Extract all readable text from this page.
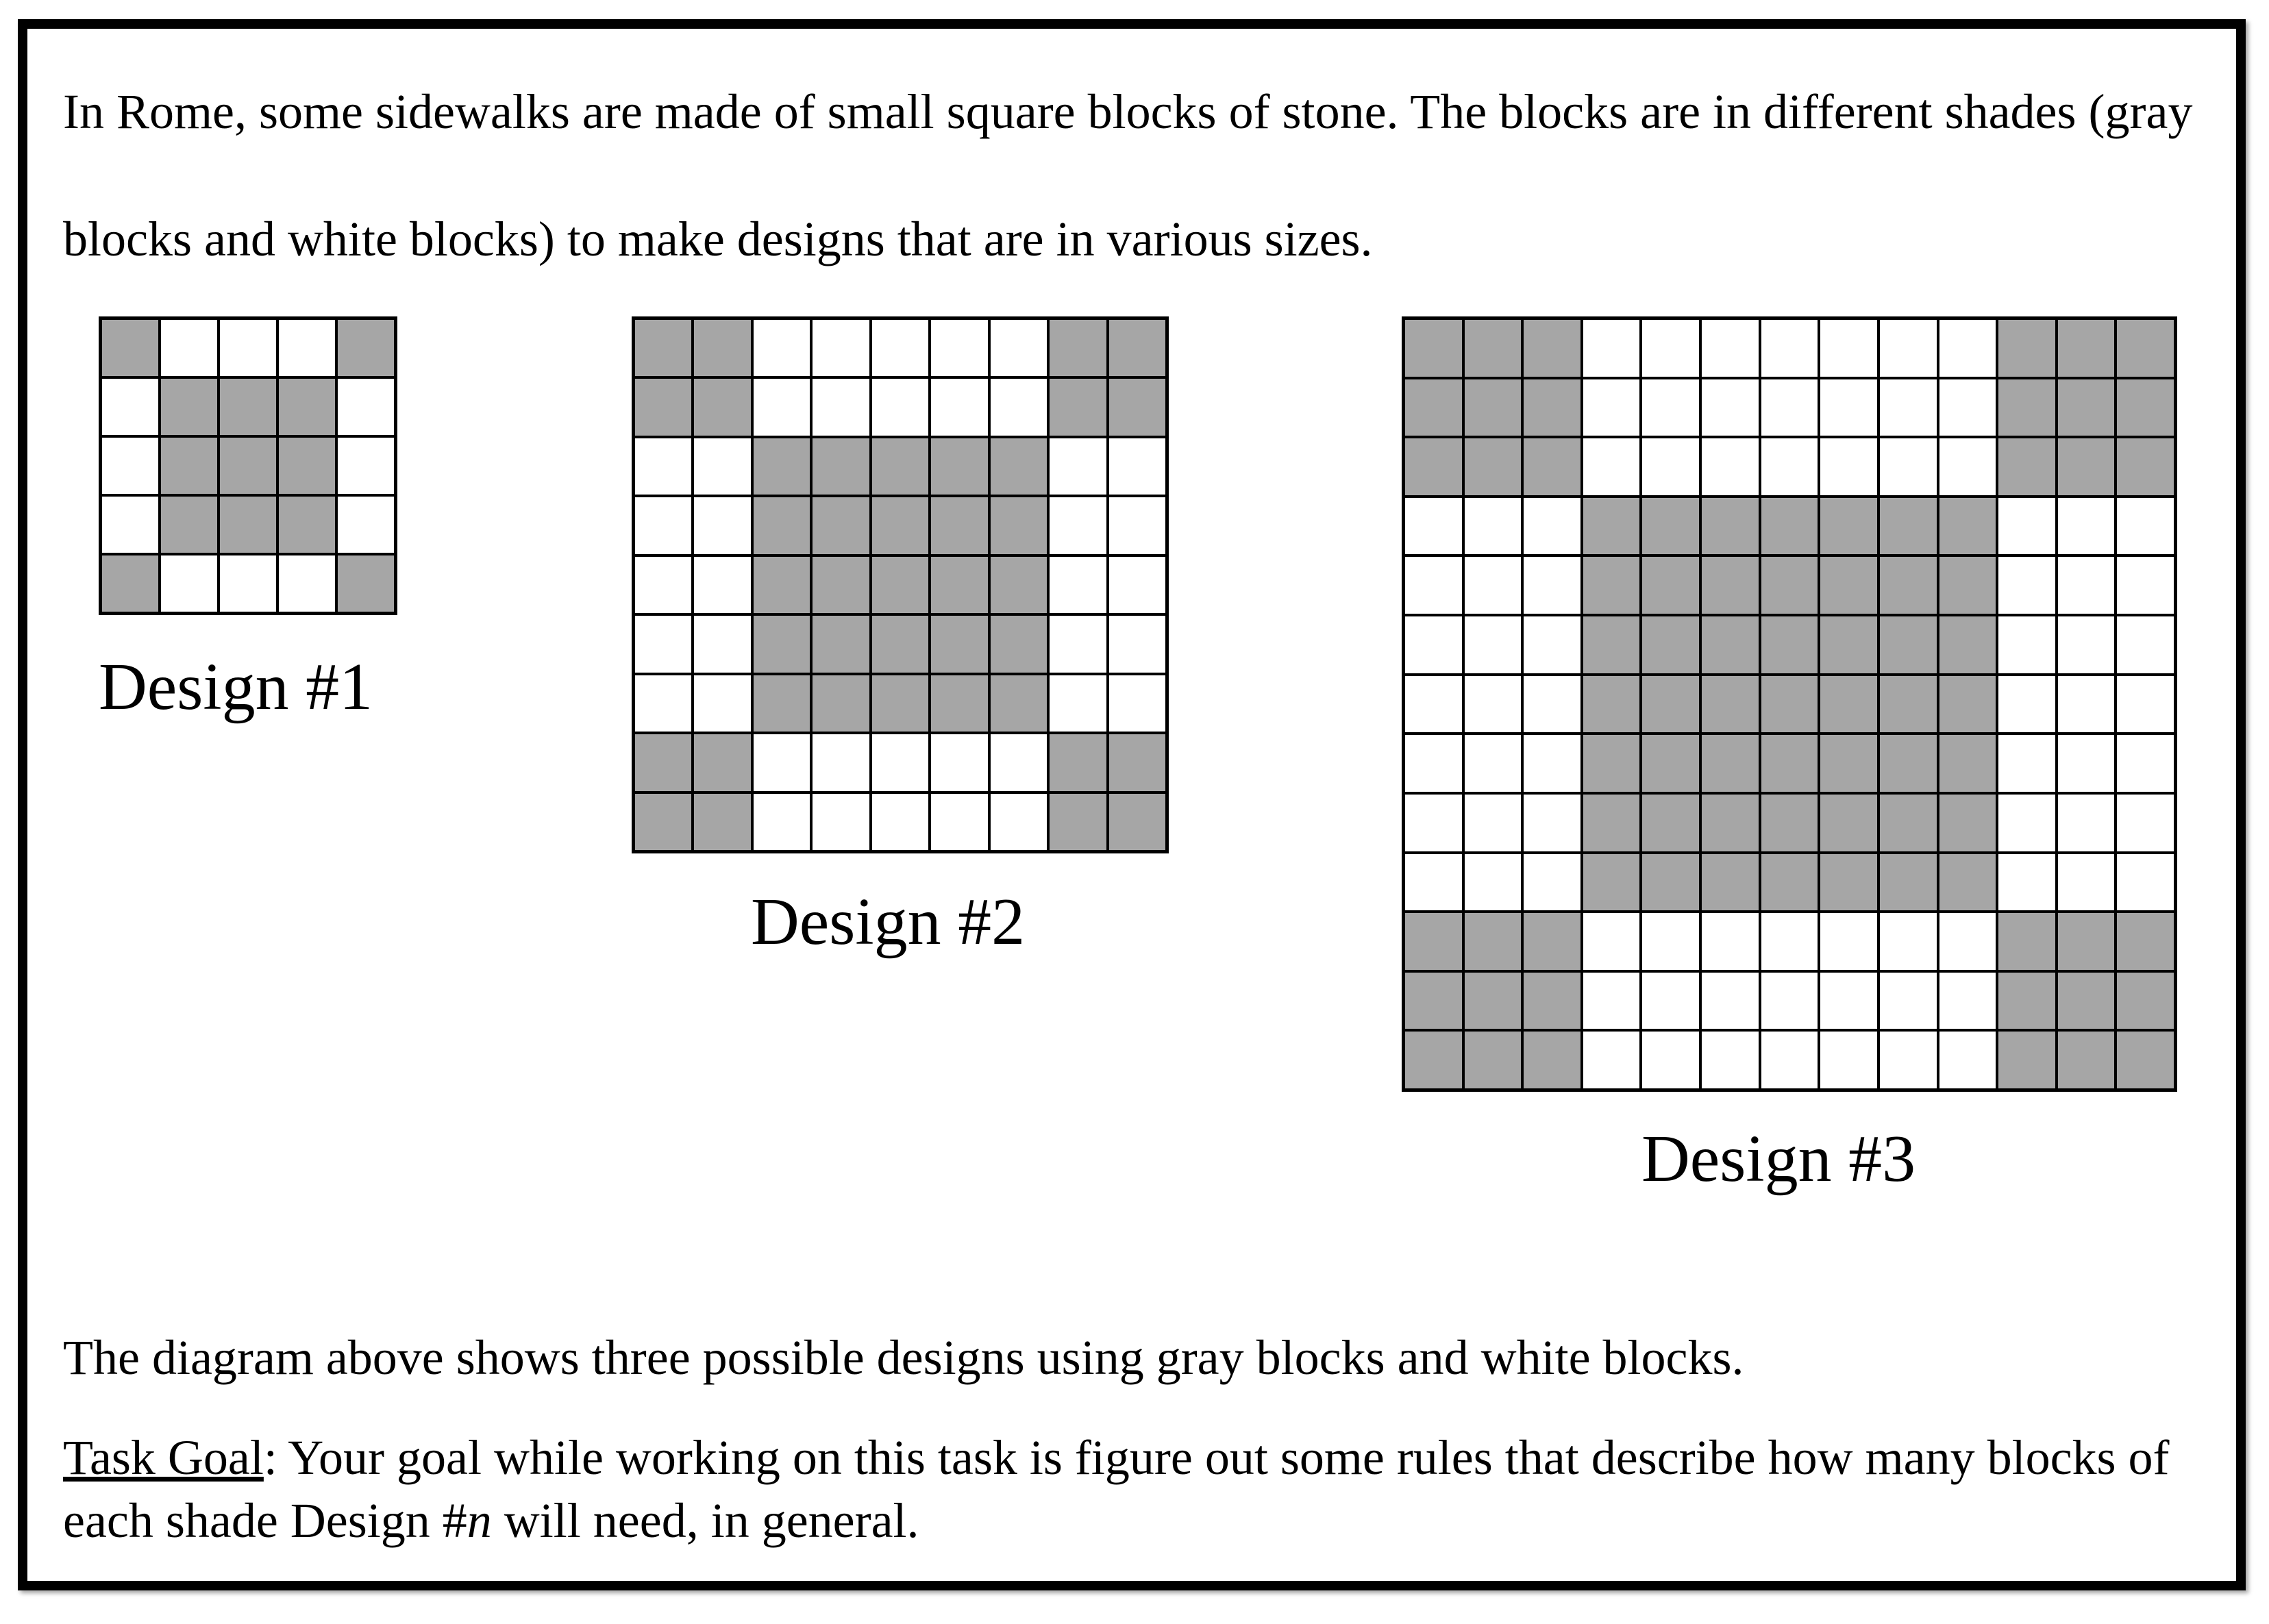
In Rome, some sidewalks are made of small square blocks of stone. The blocks are in different shades (gray blocks and white blocks) to make designs that are in various sizes.

Design #1
Design #2
Design #3

The diagram above shows three possible designs using gray blocks and white blocks.

Task Goal: Your goal while working on this task is figure out some rules that describe how many blocks of each shade Design #n will need, in general.
